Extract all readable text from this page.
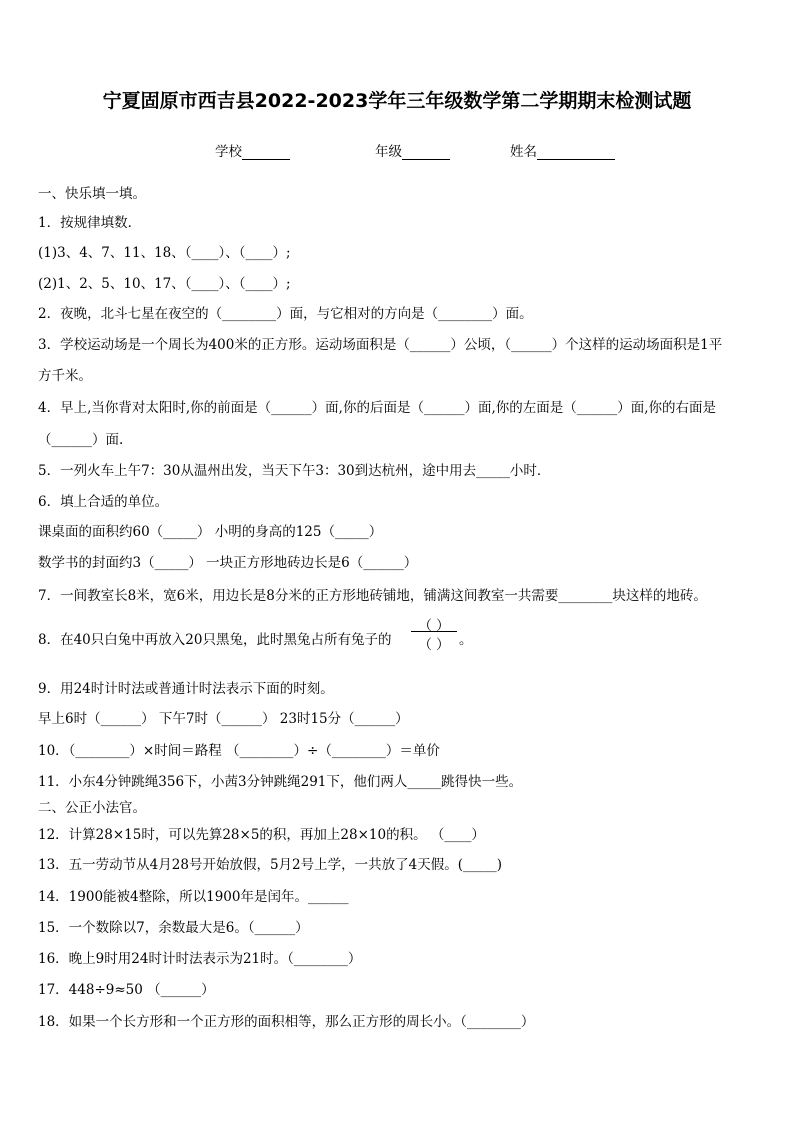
宁夏固原市西吉县2022-2023学年三年级数学第二学期期末检测试题
学校	年级	姓名
一、快乐填一填。
1．按规律填数．
(1)3、4、7、11、18、（____）、（____）;
(2)1、2、5、10、17、（____）、（____）;
2．夜晚，北斗七星在夜空的（________）面，与它相对的方向是（________）面。
3．学校运动场是一个周长为400米的正方形。运动场面积是（______）公顷，（______）个这样的运动场面积是1平
方千米。
4．早上,当你背对太阳时,你的前面是（______）面,你的后面是（______）面,你的左面是（______）面,你的右面是
（______）面.
5．一列火车上午7：30从温州出发，当天下午3：30到达杭州，途中用去_____小时．
6．填上合适的单位。
课桌面的面积约60（_____） 小明的身高的125（_____）
数学书的封面约3（_____） 一块正方形地砖边长是6（______）
7．一间教室长8米，宽6米，用边长是8分米的正方形地砖铺地，铺满这间教室一共需要________块这样的地砖。
8．在40只白兔中再放入20只黑兔，此时黑兔占所有兔子的
（ ）
（ ） 。
9．用24时计时法或普通计时法表示下面的时刻。
早上6时（______） 下午7时（______） 23时15分（______）
10．（________）×时间＝路程 （________）÷（________）＝单价
11．小东4分钟跳绳356下，小茜3分钟跳绳291下，他们两人_____跳得快一些。
二、公正小法官。
12．计算28×15时，可以先算28×5的积，再加上28×10的积。 （____）
13．五一劳动节从4月28号开始放假，5月2号上学，一共放了4天假。(_____)
14．1900能被4整除，所以1900年是闰年。______
15．一个数除以7，余数最大是6。（______）
16．晚上9时用24时计时法表示为21时。（________）
17．448÷9≈50 （______）
18．如果一个长方形和一个正方形的面积相等，那么正方形的周长小。（________）
